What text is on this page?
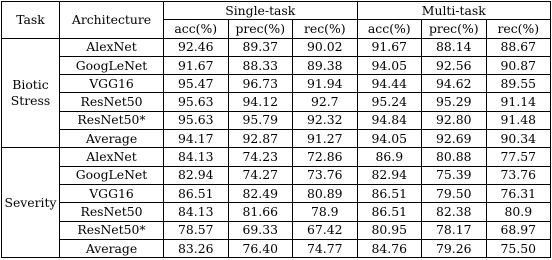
Task	Architecture	Single-task			Multi-task		
		acc(%)	prec(%)	rec(%)	acc(%)	prec(%)	rec(%)
Biotic
Stress	AlexNet	92.46	89.37	90.02	91.67	88.14	88.67
	GoogLeNet	91.67	88.33	89.38	94.05	92.56	90.87
	VGG16	95.47	96.73	91.94	94.44	94.62	89.55
	ResNet50	95.63	94.12	92.7	95.24	95.29	91.14
	ResNet50*	95.63	95.79	92.32	94.84	92.80	91.48
	Average	94.17	92.87	91.27	94.05	92.69	90.34
Severity	AlexNet	84.13	74.23	72.86	86.9	80.88	77.57
	GoogLeNet	82.94	74.27	73.76	82.94	75.39	73.76
	VGG16	86.51	82.49	80.89	86.51	79.50	76.31
	ResNet50	84.13	81.66	78.9	86.51	82.38	80.9
	ResNet50*	78.57	69.33	67.42	80.95	78.17	68.97
	Average	83.26	76.40	74.77	84.76	79.26	75.50
